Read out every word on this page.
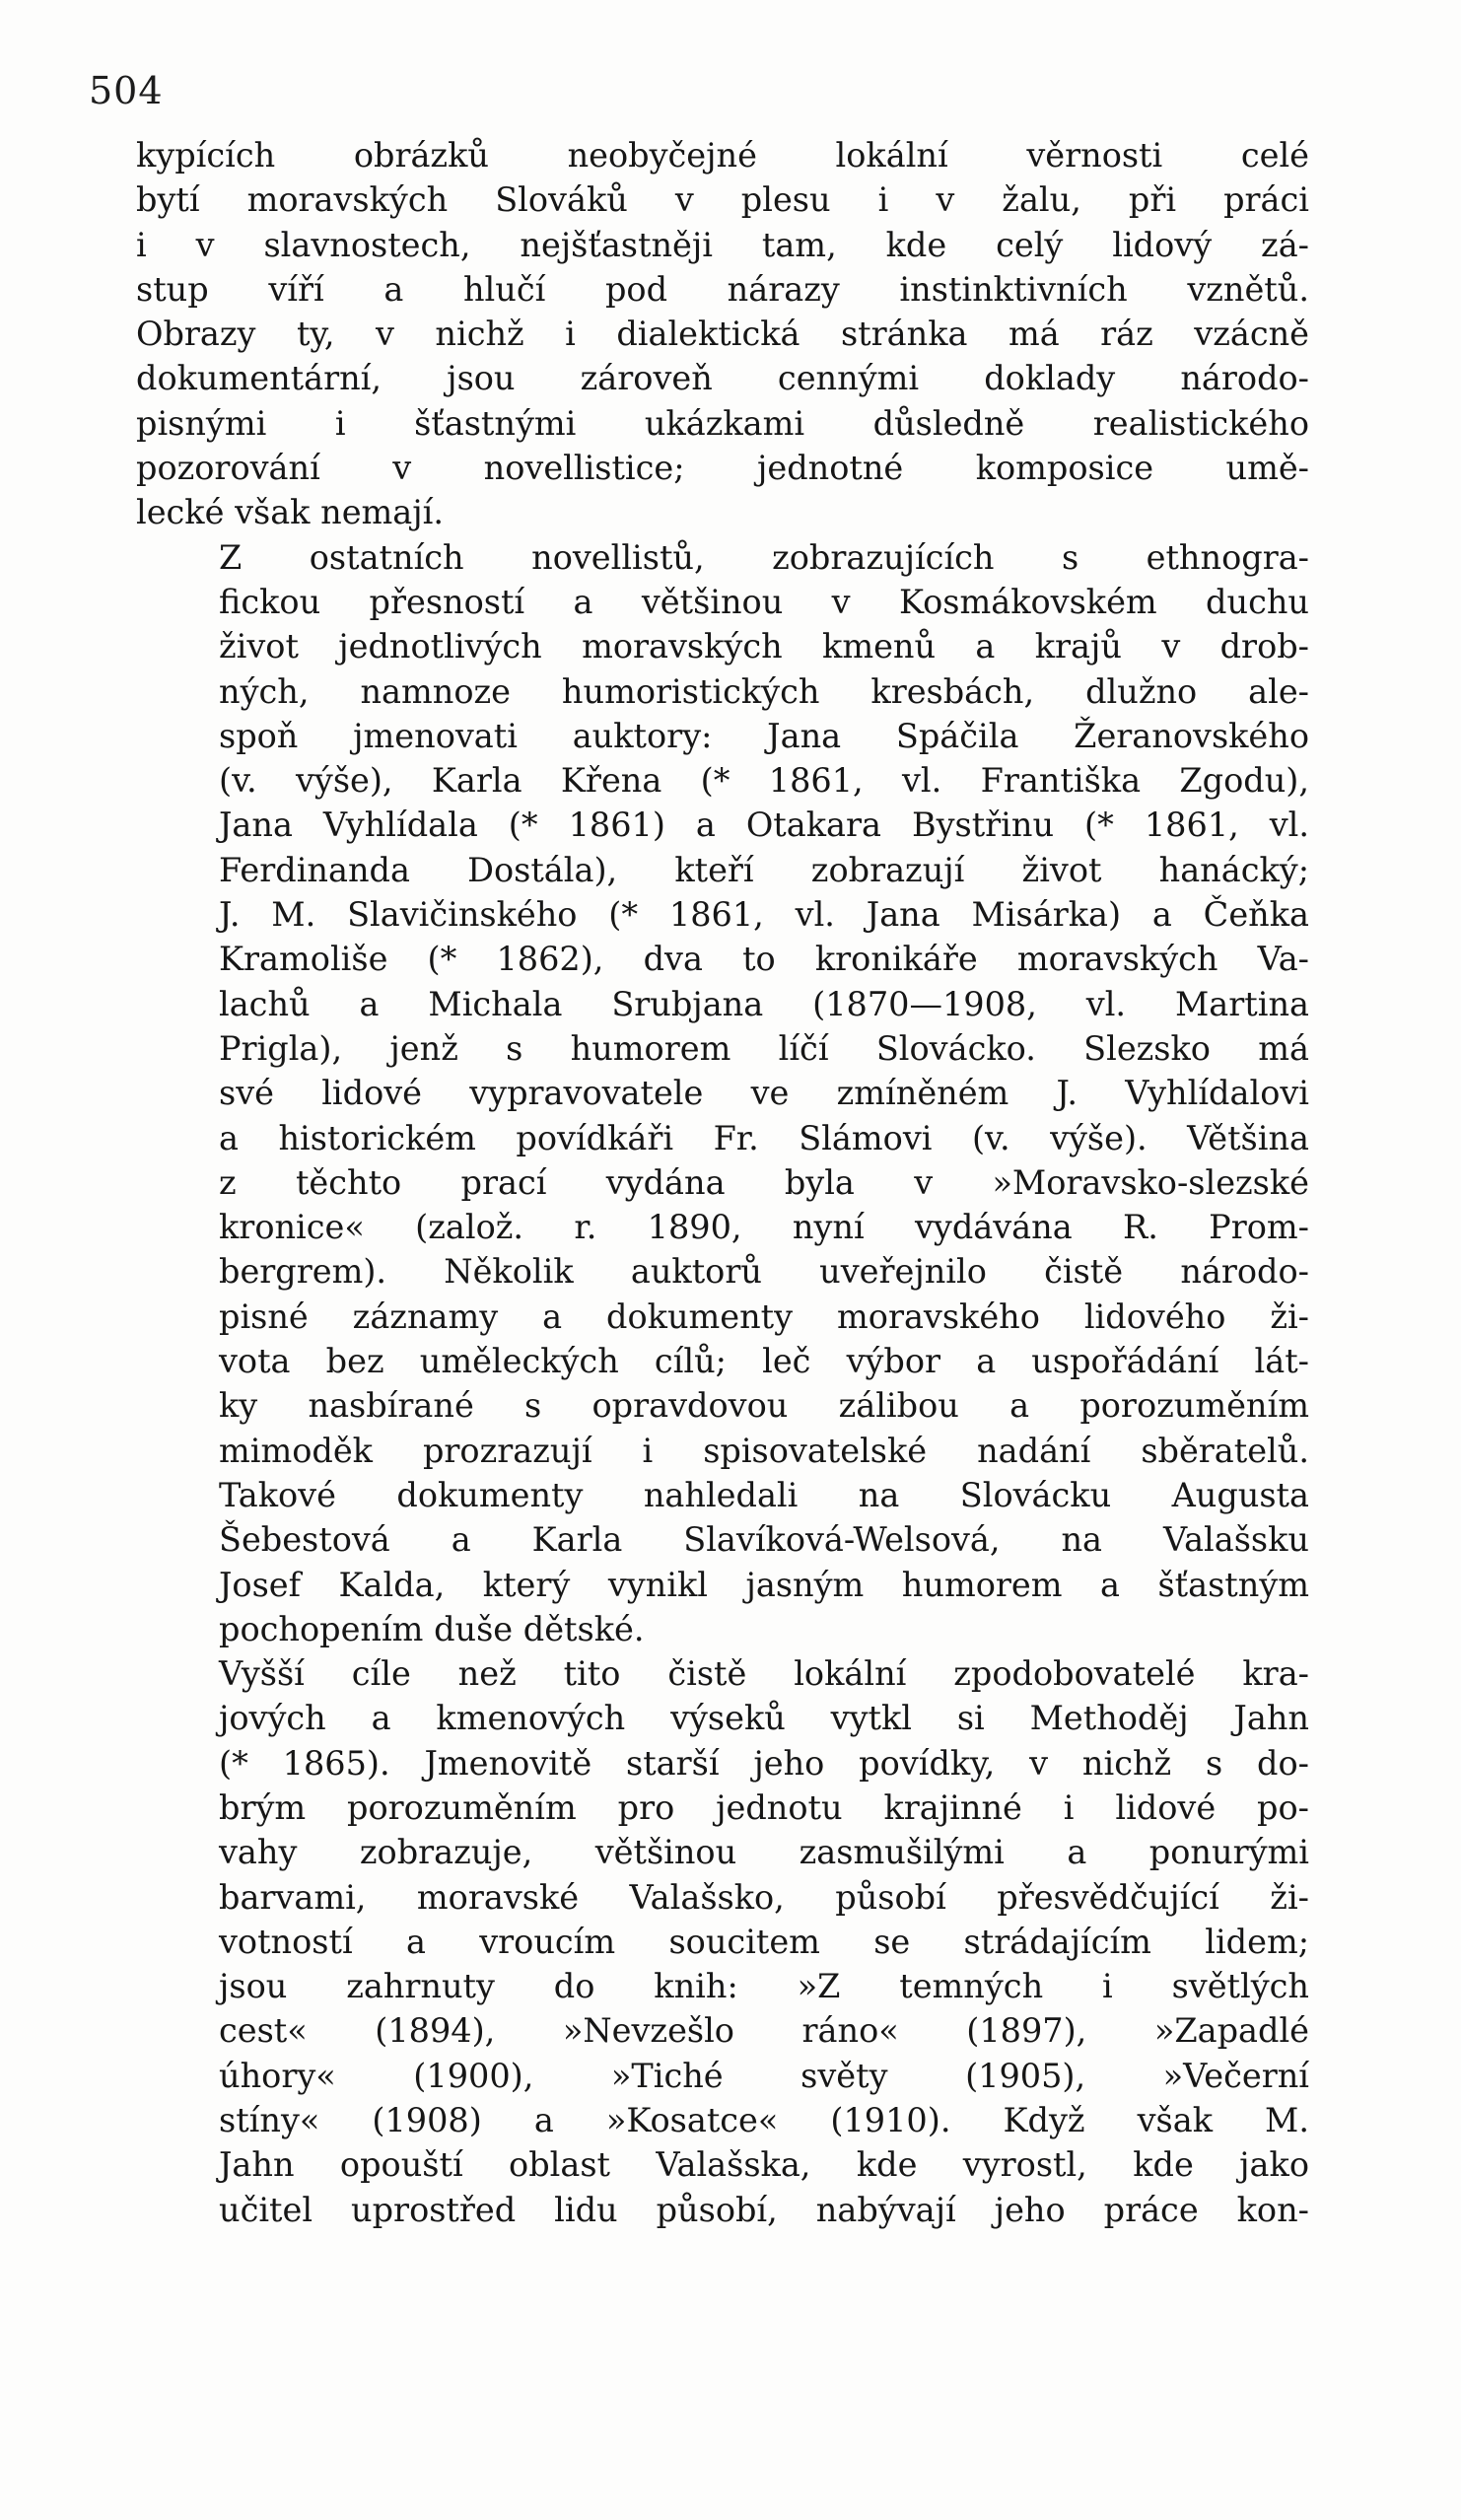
504

kypících obrázků neobyčejné lokální věrnosti celé
bytí moravských Slováků v plesu i v žalu, při práci
i v slavnostech, nejšťastněji tam, kde celý lidový zá-
stup víří a hlučí pod nárazy instinktivních vznětů.
Obrazy ty, v nichž i dialektická stránka má ráz vzácně
dokumentární, jsou zároveň cennými doklady národo-
pisnými i šťastnými ukázkami důsledně realistického
pozorování v novellistice; jednotné komposice umě-
lecké však nemají.

Z ostatních novellistů, zobrazujících s ethnogra-
fickou přesností a většinou v Kosmákovském duchu
život jednotlivých moravských kmenů a krajů v drob-
ných, namnoze humoristických kresbách, dlužno ale-
spoň jmenovati auktory: Jana Spáčila Žeranovského
(v. výše), Karla Křena (* 1861, vl. Františka Zgodu),
Jana Vyhlídala (* 1861) a Otakara Bystřinu (* 1861, vl.
Ferdinanda Dostála), kteří zobrazují život hanácký;
J. M. Slavičinského (* 1861, vl. Jana Misárka) a Čeňka
Kramoliše (* 1862), dva to kronikáře moravských Va-
lachů a Michala Srubjana (1870—1908, vl. Martina
Prigla), jenž s humorem líčí Slovácko. Slezsko má
své lidové vypravovatele ve zmíněném J. Vyhlídalovi
a historickém povídkáři Fr. Slámovi (v. výše). Většina
z těchto prací vydána byla v »Moravsko-slezské
kronice« (založ. r. 1890, nyní vydávána R. Prom-
bergrem). Několik auktorů uveřejnilo čistě národo-
pisné záznamy a dokumenty moravského lidového ži-
vota bez uměleckých cílů; leč výbor a uspořádání lát-
ky nasbírané s opravdovou zálibou a porozuměním
mimoděk prozrazují i spisovatelské nadání sběratelů.
Takové dokumenty nahledali na Slovácku Augusta
Šebestová a Karla Slavíková-Welsová, na Valašsku
Josef Kalda, který vynikl jasným humorem a šťastným
pochopením duše dětské.

Vyšší cíle než tito čistě lokální zpodobovatelé kra-
jových a kmenových výseků vytkl si Methoděj Jahn
(* 1865). Jmenovitě starší jeho povídky, v nichž s do-
brým porozuměním pro jednotu krajinné i lidové po-
vahy zobrazuje, většinou zasmušilými a ponurými
barvami, moravské Valašsko, působí přesvědčující ži-
votností a vroucím soucitem se strádajícím lidem;
jsou zahrnuty do knih: »Z temných i světlých
cest« (1894), »Nevzešlo ráno« (1897), »Zapadlé
úhory« (1900), »Tiché světy (1905), »Večerní
stíny« (1908) a »Kosatce« (1910). Když však M.
Jahn opouští oblast Valašska, kde vyrostl, kde jako
učitel uprostřed lidu působí, nabývají jeho práce kon-
